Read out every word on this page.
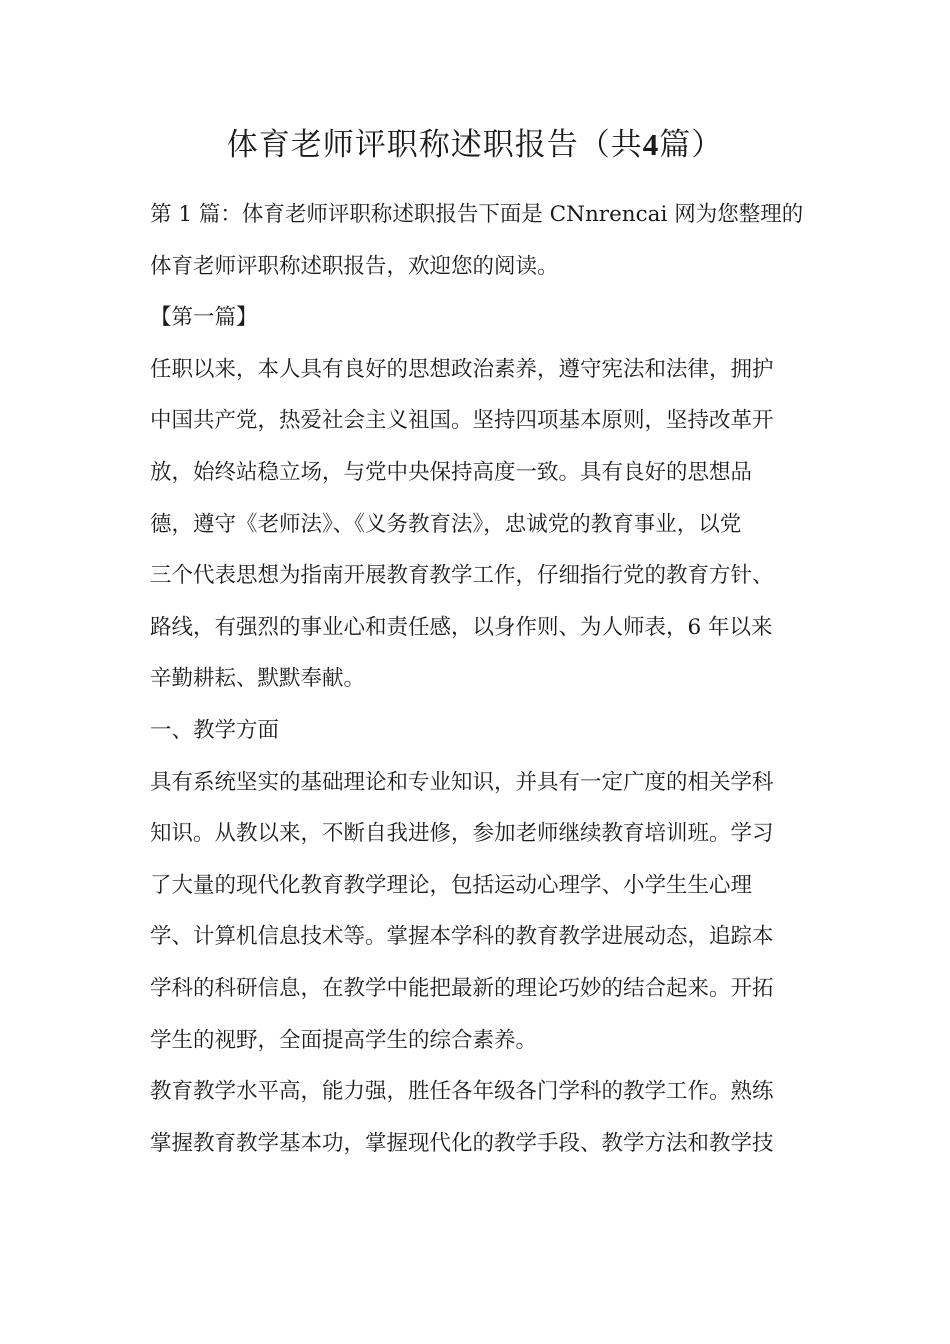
体育老师评职称述职报告（共4篇）
第 1 篇：体育老师评职称述职报告下面是 CNnrencai 网为您整理的
体育老师评职称述职报告，欢迎您的阅读。
【第一篇】
任职以来，本人具有良好的思想政治素养，遵守宪法和法律，拥护
中国共产党，热爱社会主义祖国。坚持四项基本原则，坚持改革开
放，始终站稳立场，与党中央保持高度一致。具有良好的思想品
德，遵守《老师法》、《义务教育法》，忠诚党的教育事业，以党
三个代表思想为指南开展教育教学工作，仔细指行党的教育方针、
路线，有强烈的事业心和责任感，以身作则、为人师表，6 年以来
辛勤耕耘、默默奉献。
一、教学方面
具有系统坚实的基础理论和专业知识，并具有一定广度的相关学科
知识。从教以来，不断自我进修，参加老师继续教育培训班。学习
了大量的现代化教育教学理论，包括运动心理学、小学生生心理
学、计算机信息技术等。掌握本学科的教育教学进展动态，追踪本
学科的科研信息，在教学中能把最新的理论巧妙的结合起来。开拓
学生的视野，全面提高学生的综合素养。
教育教学水平高，能力强，胜任各年级各门学科的教学工作。熟练
掌握教育教学基本功，掌握现代化的教学手段、教学方法和教学技
